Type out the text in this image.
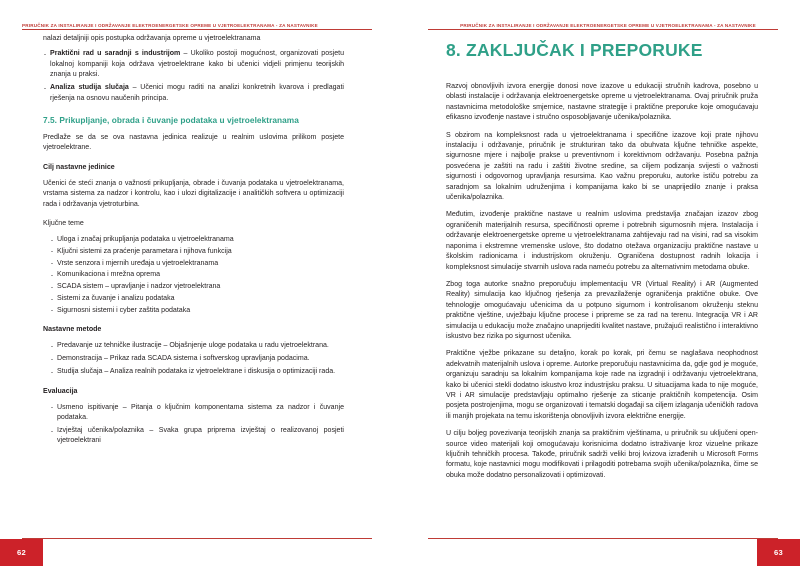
PRIRUČNIK ZA INSTALIRANJE I ODRŽAVANJE ELEKTROENERGETSKE OPREME U VJETROELEKTRANAMA - ZA NASTAVNIKE

nalazi detaljniji opis postupka održavanja opreme u vjetroelektranama

· Praktični rad u saradnji s industrijom – Ukoliko postoji mogućnost, organizovati posjetu lokalnoj kompaniji koja održava vjetroelektrane kako bi učenici vidjeli primjenu teorijskih znanja u praksi.
· Analiza studija slučaja – Učenici mogu raditi na analizi konkretnih kvarova i predlagati rješenja na osnovu naučenih principa.
7.5. Prikupljanje, obrada i čuvanje podataka u vjetroelektranama

Predlaže se da se ova nastavna jedinica realizuje u realnim uslovima prilikom posjete vjetroelektrane.

Cilj nastavne jedinice

Učenici će steći znanja o važnosti prikupljanja, obrade i čuvanja podataka u vjetroelektranama, vrstama sistema za nadzor i kontrolu, kao i ulozi digitalizacije i analitičkih softvera u optimizaciji rada i održavanja vjetroturbina.

Ključne teme
· Uloga i značaj prikupljanja podataka u vjetroelektranama
· Ključni sistemi za praćenje parametara i njihova funkcija
· Vrste senzora i mjernih uređaja u vjetroelektranama
· Komunikaciona i mrežna oprema
· SCADA sistem – upravljanje i nadzor vjetroelektrana
· Sistemi za čuvanje i analizu podataka
· Sigurnosni sistemi i cyber zaštita podataka
Nastavne metode
· Predavanje uz tehničke ilustracije – Objašnjenje uloge podataka u radu vjetroelektrana.
· Demonstracija – Prikaz rada SCADA sistema i softverskog upravljanja podacima.
· Studija slučaja – Analiza realnih podataka iz vjetroelektrane i diskusija o optimizaciji rada.
Evaluacija
· Usmeno ispitivanje – Pitanja o ključnim komponentama sistema za nadzor i čuvanje podataka.
· Izvještaj učenika/polaznika – Svaka grupa priprema izvještaj o realizovanoj posjeti vjetroelektrani
62
PRIRUČNIK ZA INSTALIRANJE I ODRŽAVANJE ELEKTROENERGETSKE OPREME U VJETROELEKTRANAMA - ZA NASTAVNIKE
8. ZAKLJUČAK I PREPORUKE

Razvoj obnovljivih izvora energije donosi nove izazove u edukaciji stručnih kadrova, posebno u oblasti instalacije i održavanja elektroenergetske opreme u vjetroelektranama. Ovaj priručnik pruža nastavnicima metodološke smjernice, nastavne strategije i praktične preporuke koje omogućavaju efikasno izvođenje nastave i stručno osposobljavanje učenika/polaznika.

S obzirom na kompleksnost rada u vjetroelektranama i specifične izazove koji prate njihovu instalaciju i održavanje, priručnik je strukturiran tako da obuhvata ključne tehničke aspekte, sigurnosne mjere i najbolje prakse u preventivnom i korektivnom održavanju. Posebna pažnja posvećena je zaštiti na radu i zaštiti životne sredine, sa ciljem podizanja svijesti o važnosti sigurnosti i odgovornog upravljanja resursima. Kao važnu preporuku, autorke ističu potrebu za saradnjom sa lokalnim udruženjima i kompanijama kako bi se unaprijedilo znanje i praksa učenika/polaznika.

Međutim, izvođenje praktične nastave u realnim uslovima predstavlja značajan izazov zbog ograničenih materijalnih resursa, specifičnosti opreme i potrebnih sigurnosnih mjera. Instalacija i održavanje elektroenergetske opreme u vjetroelektranama zahtijevaju rad na visini, rad sa visokim naponima i ekstremne vremenske uslove, što dodatno otežava organizaciju praktične nastave u školskim radionicama i industrijskom okruženju. Ograničena dostupnost radnih lokacija i kompleksnost simulacije stvarnih uslova rada nameću potrebu za alternativnim metodama obuke.

Zbog toga autorke snažno preporučuju implementaciju VR (Virtual Reality) i AR (Augmented Reality) simulacija kao ključnog rješenja za prevazilaženje ograničenja praktične obuke. Ove tehnologije omogućavaju učenicima da u potpuno sigurnom i kontrolisanom okruženju steknu praktične vještine, uvježbaju ključne procese i pripreme se za rad na terenu. Integracija VR i AR simulacija u edukaciju može značajno unaprijediti kvalitet nastave, pružajući realistično i interaktivno iskustvo bez rizika po sigurnost učenika.

Praktične vježbe prikazane su detaljno, korak po korak, pri čemu se naglašava neophodnost adekvatnih materijalnih uslova i opreme. Autorke preporučuju nastavnicima da, gdje god je moguće, organizuju saradnju sa lokalnim kompanijama koje rade na izgradnji i održavanju vjetroelektrana, kako bi učenici stekli dodatno iskustvo kroz industrijsku praksu. U situacijama kada to nije moguće, VR i AR simulacije predstavljaju optimalno rješenje za sticanje praktičnih kompetencija. Osim posjeta postrojenjima, mogu se organizovati i tematski događaji sa ciljem izlaganja učeničkih radova ili manjih projekata na temu iskorištenja obnovljivih izvora električne energije.

U cilju boljeg povezivanja teorijskih znanja sa praktičnim vještinama, u priručnik su uključeni open-source video materijali koji omogućavaju korisnicima dodatno istraživanje kroz vizuelne prikaze ključnih tehničkih procesa. Takođe, priručnik sadrži veliki broj kvizova izrađenih u Microsoft Forms formatu, koje nastavnici mogu modifikovati i prilagoditi potrebama svojih učenika/polaznika, čime se obuka može dodatno personalizovati i optimizovati.

63
